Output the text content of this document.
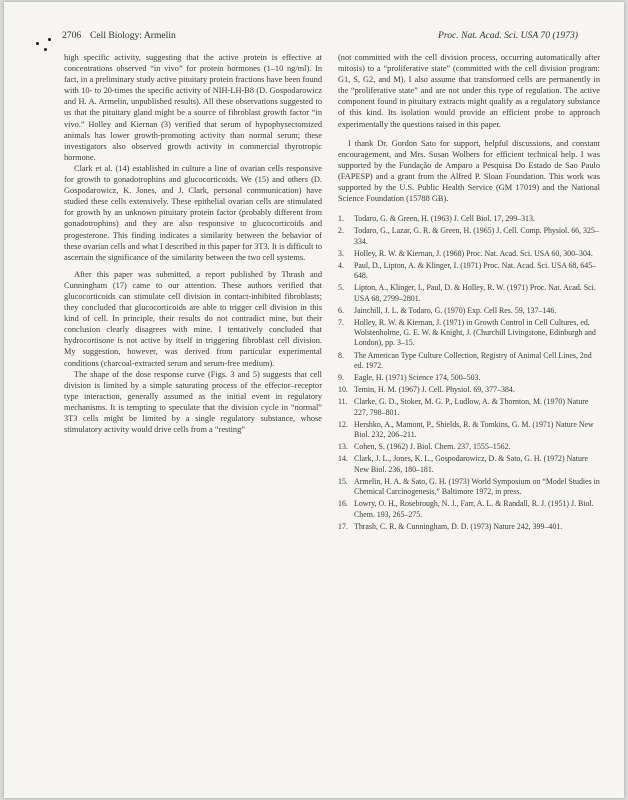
2706 Cell Biology: Armelin	Proc. Nat. Acad. Sci. USA 70 (1973)

high specific activity, suggesting that the active protein is effective at concentrations observed “in vivo” for protein hormones (1–10 ng/ml). In fact, in a preliminary study active pituitary protein fractions have been found with 10- to 20-times the specific activity of NIH-LH-B8 (D. Gospodarowicz and H. A. Armelin, unpublished results). All these observations suggested to us that the pituitary gland might be a source of fibroblast growth factor “in vivo.” Holley and Kiernan (3) verified that serum of hypophysectomized animals has lower growth-promoting activity than normal serum; these investigators also observed growth activity in commercial thyrotropic hormone.

Clark et al. (14) established in culture a line of ovarian cells responsive for growth to gonadotrophins and glucocorticoids. We (15) and others (D. Gospodarowicz, K. Jones, and J. Clark, personal communication) have studied these cells extensively. These epithelial ovarian cells are stimulated for growth by an unknown pituitary protein factor (probably different from gonadotrophins) and they are also responsive to glucocorticoids and progesterone. This finding indicates a similarity between the behavior of these ovarian cells and what I described in this paper for 3T3. It is difficult to ascertain the significance of the similarity between the two cell systems.

After this paper was submitted, a report published by Thrash and Cunningham (17) came to our attention. These authors verified that glucocorticoids can stimulate cell division in contact-inhibited fibroblasts; they concluded that glucocorticoids are able to trigger cell division in this kind of cell. In principle, their results do not contradict mine, but their conclusion clearly disagrees with mine. I tentatively concluded that hydrocortisone is not active by itself in triggering fibroblast cell division. My suggestion, however, was derived from particular experimental conditions (charcoal-extracted serum and serum-free medium).

The shape of the dose response curve (Figs. 3 and 5) suggests that cell division is limited by a simple saturating process of the effector–receptor type interaction, generally assumed as the initial event in regulatory mechanisms. It is tempting to speculate that the division cycle in “normal” 3T3 cells might be limited by a single regulatory substance, whose stimulatory activity would drive cells from a “resting”

(not committed with the cell division process, occurring automatically after mitosis) to a “proliferative state” (committed with the cell division program: G1, S, G2, and M). I also assume that transformed cells are permanently in the “proliferative state” and are not under this type of regulation. The active component found in pituitary extracts might qualify as a regulatory substance of this kind. Its isolation would provide an efficient probe to approach experimentally the questions raised in this paper.

I thank Dr. Gordon Sato for support, helpful discussions, and constant encouragement, and Mrs. Susan Wolbers for efficient technical help. I was supported by the Fundação de Amparo a Pesquisa Do Estado de Sao Paulo (FAPESP) and a grant from the Alfred P. Sloan Foundation. This work was supported by the U.S. Public Health Service (GM 17019) and the National Science Foundation (15788 GB).

1. Todaro, G. & Green, H. (1963) J. Cell Biol. 17, 299–313.
2. Todaro, G., Lazar, G. R. & Green, H. (1965) J. Cell. Comp. Physiol. 66, 325–334.
3. Holley, R. W. & Kiernan, J. (1968) Proc. Nat. Acad. Sci. USA 60, 300–304.
4. Paul, D., Lipton, A. & Klinger, I. (1971) Proc. Nat. Acad. Sci. USA 68, 645–648.
5. Lipton, A., Klinger, I., Paul, D. & Holley, R. W. (1971) Proc. Nat. Acad. Sci. USA 68, 2799–2801.
6. Jainchill, J. L. & Todaro, G. (1970) Exp. Cell Res. 59, 137–146.
7. Holley, R. W. & Kiernan, J. (1971) in Growth Control in Cell Cultures, ed. Wolstenholme, G. E. W. & Knight, J. (Churchill Livingstone, Edinburgh and London), pp. 3–15.
8. The American Type Culture Collection, Registry of Animal Cell Lines, 2nd ed. 1972.
9. Eagle, H. (1971) Science 174, 500–503.
10. Temin, H. M. (1967) J. Cell. Physiol. 69, 377–384.
11. Clarke, G. D., Stoker, M. G. P., Ludlow, A. & Thornton, M. (1970) Nature 227, 798–801.
12. Hershko, A., Mamont, P., Shields, R. & Tomkins, G. M. (1971) Nature New Biol. 232, 206–211.
13. Cohen, S. (1962) J. Biol. Chem. 237, 1555–1562.
14. Clark, J. L., Jones, K. L., Gospodarowicz, D. & Sato, G. H. (1972) Nature New Biol. 236, 180–181.
15. Armelin, H. A. & Sato, G. H. (1973) World Symposium on “Model Studies in Chemical Carcinogenesis,” Baltimore 1972, in press.
16. Lowry, O. H., Rosebrough, N. J., Farr, A. L. & Randall, R. J. (1951) J. Biol. Chem. 193, 265–275.
17. Thrash, C. R. & Cunningham, D. D. (1973) Nature 242, 399–401.
